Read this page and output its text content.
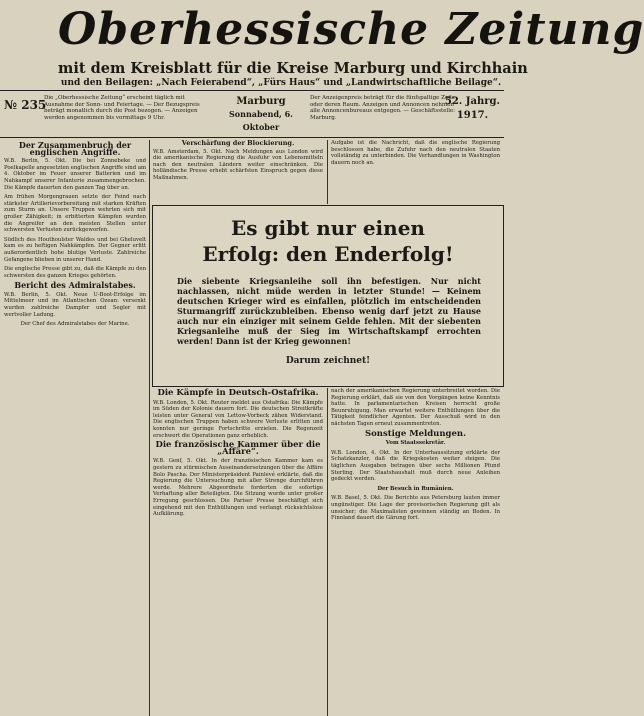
Oberhessische Zeitung
mit dem Kreisblatt für die Kreise Marburg und Kirchhain
und den Beilagen: „Nach Feierabend“, „Fürs Haus“ und „Landwirtschaftliche Beilage“.
№ 235
Die „Oberhessische Zeitung“ erscheint täglich mit Ausnahme der Sonn- und Feiertage. — Der Bezugspreis beträgt monatlich durch die Post bezogen. — Anzeigen werden angenommen bis vormittags 9 Uhr.
Marburg
Sonnabend, 6. Oktober
Der Anzeigenpreis beträgt für die fünfspaltige Zeile oder deren Raum. Anzeigen und Annoncen nehmen alle Annoncenbureaus entgegen. — Geschäftsstelle: Marburg.
52. Jahrg.
1917.
Der Zusammenbruch der englischen Angriffe.

W.B. Berlin, 5. Okt. Die bei Zonnebeke und Poelkapelle angesetzten englischen Angriffe sind am 4. Oktober im Feuer unserer Batterien und im Nahkampf unserer Infanterie zusammengebrochen. Die Kämpfe dauerten den ganzen Tag über an.

Am frühen Morgengrauen setzte der Feind nach stärkster Artillerievorbereitung mit starken Kräften zum Sturm an. Unsere Truppen wehrten sich mit großer Zähigkeit; in erbitterten Kämpfen wurden die Angreifer an den meisten Stellen unter schwersten Verlusten zurückgeworfen.

Südlich des Houthoulster Waldes und bei Gheluvelt kam es zu heftigen Nahkämpfen. Der Gegner erlitt außerordentlich hohe blutige Verluste. Zahlreiche Gefangene blieben in unserer Hand.

Die englische Presse gibt zu, daß die Kämpfe zu den schwersten des ganzen Krieges gehörten.

Bericht des Admiralstabes.

W.B. Berlin, 5. Okt. Neue U-Boot-Erfolge im Mittelmeer und im Atlantischen Ozean: versenkt wurden zahlreiche Dampfer und Segler mit wertvoller Ladung.

Der Chef des Admiralstabes der Marine.

Verschärfung der Blockierung.

W.B. Amsterdam, 5. Okt. Nach Meldungen aus London wird die amerikanische Regierung die Ausfuhr von Lebensmitteln nach den neutralen Ländern weiter einschränken. Die holländische Presse erhebt schärfsten Einspruch gegen diese Maßnahmen.

Aufgabe ist die Nachricht, daß die englische Regierung beschlossen habe, die Zufuhr nach den neutralen Staaten vollständig zu unterbinden. Die Verhandlungen in Washington dauern noch an.

Es gibt nur einen
Erfolg: den Enderfolg!
Die siebente Kriegsanleihe soll ihn befestigen. Nur nicht nachlassen, nicht müde werden in letzter Stunde! — Keinem deutschen Krieger wird es einfallen, plötzlich im entscheidenden Sturmangriff zurückzubleiben. Ebenso wenig darf jetzt zu Hause auch nur ein einziger mit seinem Gelde fehlen. Mit der siebenten Kriegsanleihe muß der Sieg im Wirtschaftskampf errochten werden! Dann ist der Krieg gewonnen!
Darum zeichnet!
Die Kämpfe in Deutsch-Ostafrika.

W.B. London, 5. Okt. Reuter meldet aus Ostafrika: Die Kämpfe im Süden der Kolonie dauern fort. Die deutschen Streitkräfte leisten unter General von Lettow-Vorbeck zähen Widerstand. Die englischen Truppen haben schwere Verluste erlitten und konnten nur geringe Fortschritte erzielen. Die Regenzeit erschwert die Operationen ganz erheblich.

Die französische Kammer über die „Affäre“.

W.B. Genf, 5. Okt. In der französischen Kammer kam es gestern zu stürmischen Auseinandersetzungen über die Affäre Bolo Pascha. Der Ministerpräsident Painlevé erklärte, daß die Regierung die Untersuchung mit aller Strenge durchführen werde. Mehrere Abgeordnete forderten die sofortige Verhaftung aller Beteiligten. Die Sitzung wurde unter großer Erregung geschlossen. Die Pariser Presse beschäftigt sich eingehend mit den Enthüllungen und verlangt rücksichtslose Aufklärung.

nach der amerikanischen Regierung unterbreitet worden. Die Regierung erklärt, daß sie von den Vorgängen keine Kenntnis hatte. In parlamentarischen Kreisen herrscht große Beunruhigung. Man erwartet weitere Enthüllungen über die Tätigkeit feindlicher Agenten. Der Ausschuß wird in den nächsten Tagen erneut zusammentreten.

Sonstige Meldungen.

Vom Staatssekretär.

W.B. London, 4. Okt. In der Unterhaussitzung erklärte der Schatzkanzler, daß die Kriegskosten weiter steigen. Die täglichen Ausgaben betragen über sechs Millionen Pfund Sterling. Der Staatshaushalt muß durch neue Anleihen gedeckt werden.

Der Besuch in Rumänien.

W.B. Basel, 5. Okt. Die Berichte aus Petersburg lauten immer ungünstiger. Die Lage der provisorischen Regierung gilt als unsicher; die Maximalisten gewinnen ständig an Boden. In Finnland dauert die Gärung fort.
